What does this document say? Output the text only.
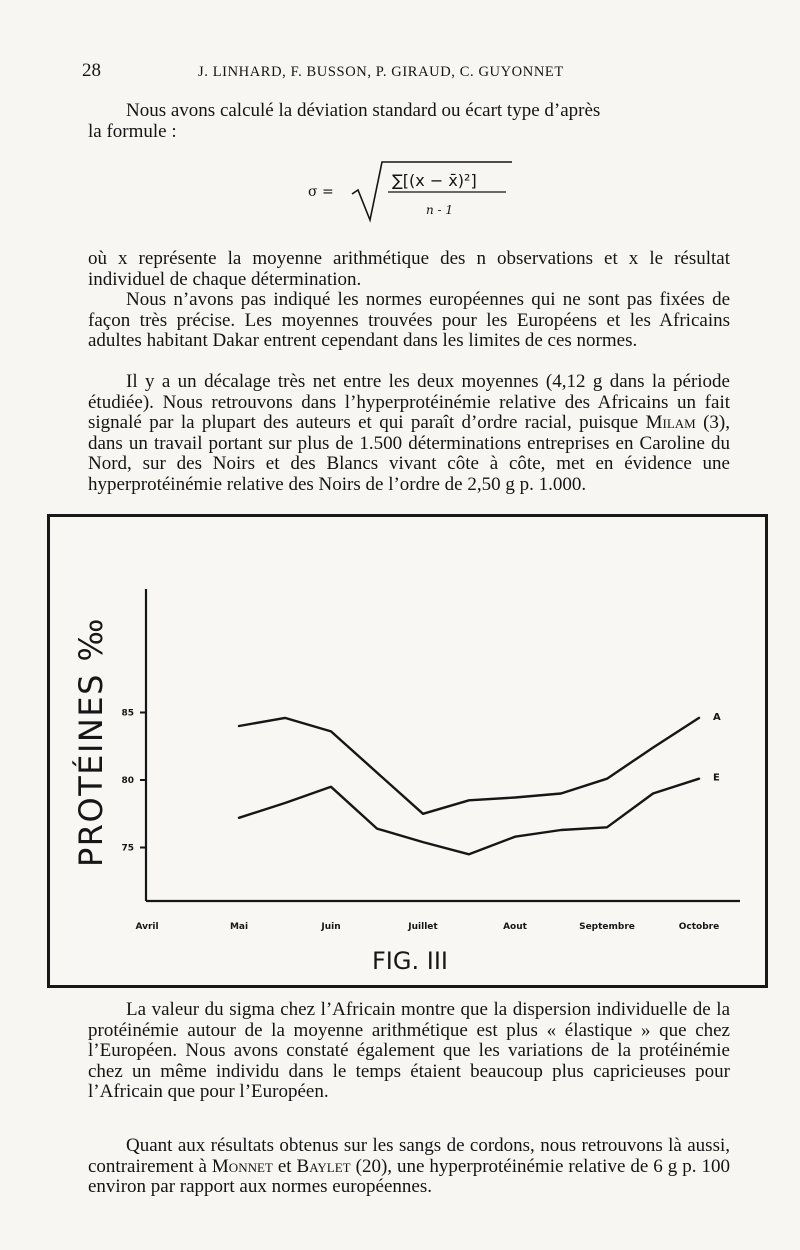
28	J. LINHARD, F. BUSSON, P. GIRAUD, C. GUYONNET

Nous avons calculé la déviation standard ou écart type d’après

la formule :

σ =
∑[(x − x̄)²]
n - 1

où x représente la moyenne arithmétique des n observations et x le résultat individuel de chaque détermination.

Nous n’avons pas indiqué les normes européennes qui ne sont pas fixées de façon très précise. Les moyennes trouvées pour les Européens et les Africains adultes habitant Dakar entrent cependant dans les limites de ces normes.

Il y a un décalage très net entre les deux moyennes (4,12 g dans la période étudiée). Nous retrouvons dans l’hyperprotéinémie relative des Africains un fait signalé par la plupart des auteurs et qui paraît d’ordre racial, puisque Milam (3), dans un travail portant sur plus de 1.500 déterminations entreprises en Caroline du Nord, sur des Noirs et des Blancs vivant côte à côte, met en évidence une hyperprotéinémie relative des Noirs de l’ordre de 2,50 g p. 1.000.

75
80
85
Avril	Mai	Juin	Juillet	Aout	Septembre	Octobre
PROTÉINES ‰	A
E
FIG. III

La valeur du sigma chez l’Africain montre que la dispersion individuelle de la protéinémie autour de la moyenne arithmétique est plus « élastique » que chez l’Européen. Nous avons constaté également que les variations de la protéinémie chez un même individu dans le temps étaient beaucoup plus capricieuses pour l’Africain que pour l’Européen.

Quant aux résultats obtenus sur les sangs de cordons, nous retrouvons là aussi, contrairement à Monnet et Baylet (20), une hyperprotéinémie relative de 6 g p. 100 environ par rapport aux normes européennes.
